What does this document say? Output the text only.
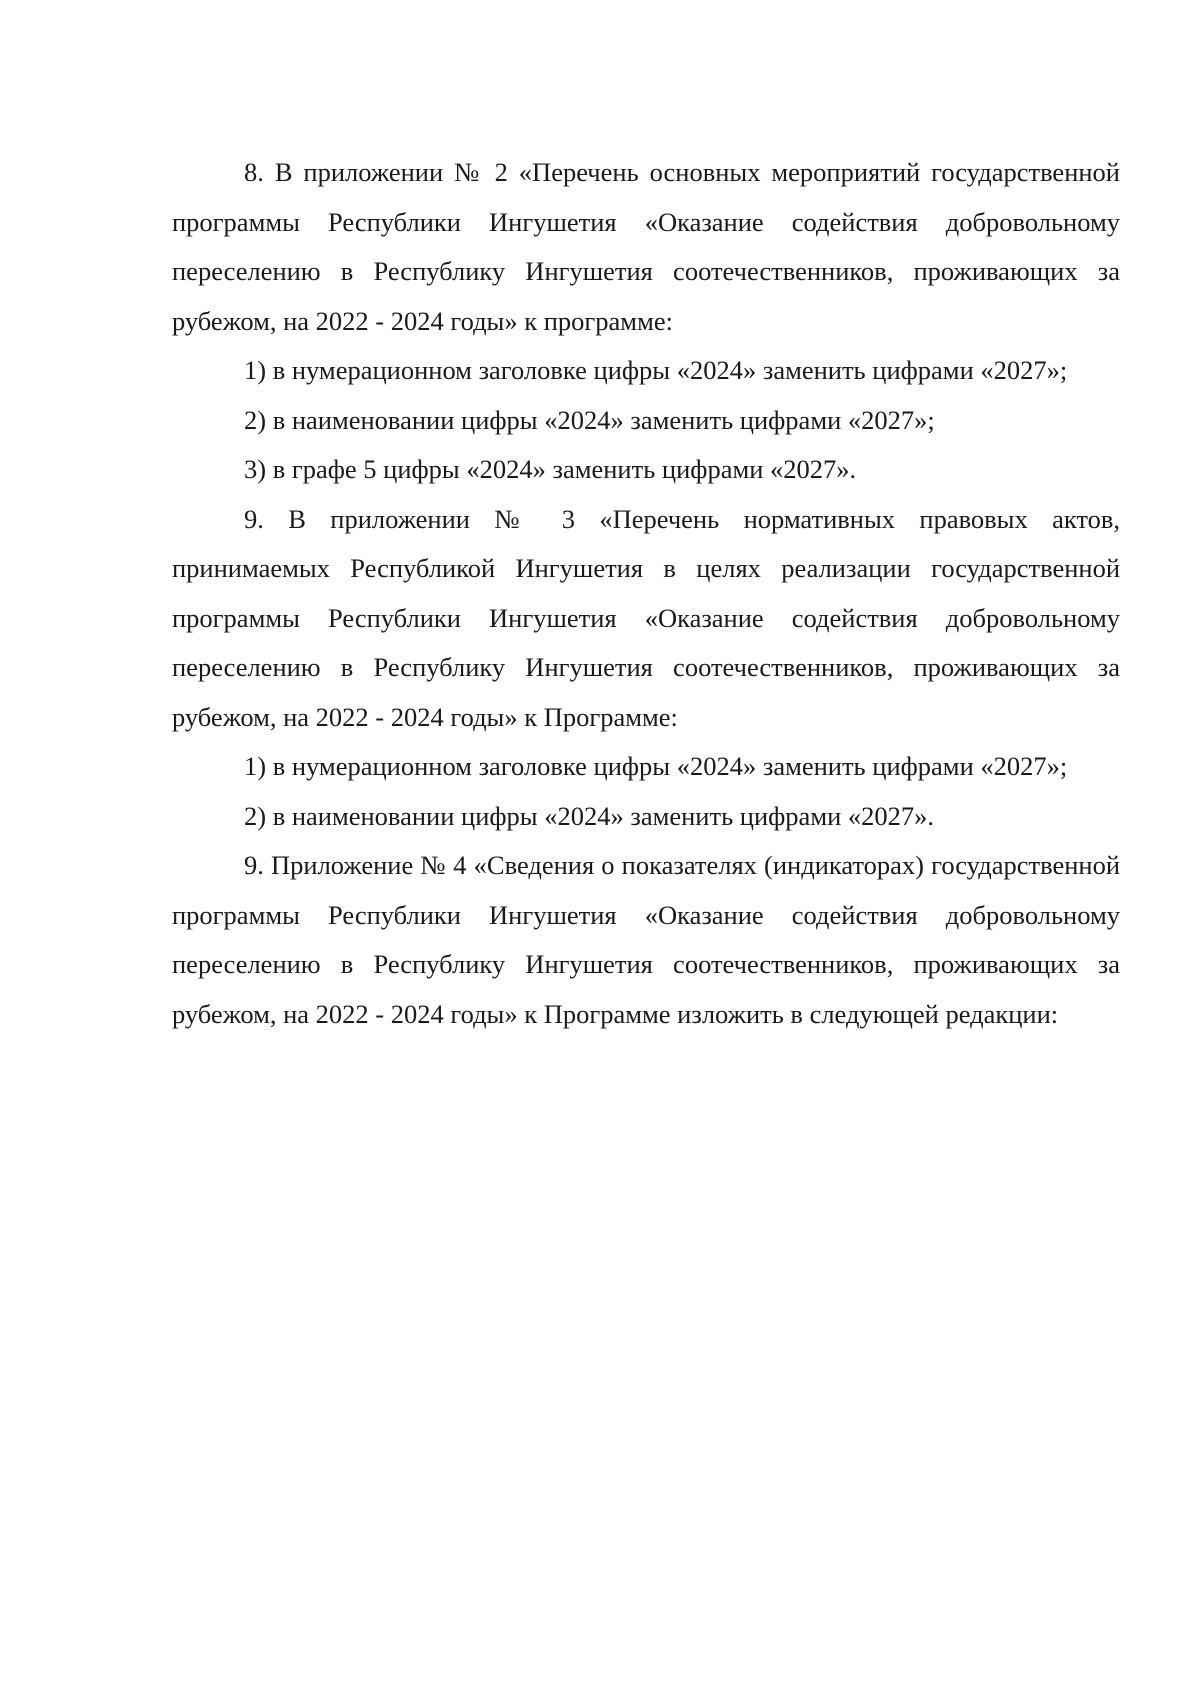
8. В приложении № 2 «Перечень основных мероприятий государственной программы Республики Ингушетия «Оказание содействия добровольному переселению в Республику Ингушетия соотечественников, проживающих за рубежом, на 2022 - 2024 годы» к программе:

1) в нумерационном заголовке цифры «2024» заменить цифрами «2027»;

2) в наименовании цифры «2024» заменить цифрами «2027»;

3) в графе 5 цифры «2024» заменить цифрами «2027».

9. В приложении № 3 «Перечень нормативных правовых актов, принимаемых Республикой Ингушетия в целях реализации государственной программы Республики Ингушетия «Оказание содействия добровольному переселению в Республику Ингушетия соотечественников, проживающих за рубежом, на 2022 - 2024 годы» к Программе:

1) в нумерационном заголовке цифры «2024» заменить цифрами «2027»;

2) в наименовании цифры «2024» заменить цифрами «2027».

9. Приложение № 4 «Сведения о показателях (индикаторах) государственной программы Республики Ингушетия «Оказание содействия добровольному переселению в Республику Ингушетия соотечественников, проживающих за рубежом, на 2022 - 2024 годы» к Программе изложить в следующей редакции:
